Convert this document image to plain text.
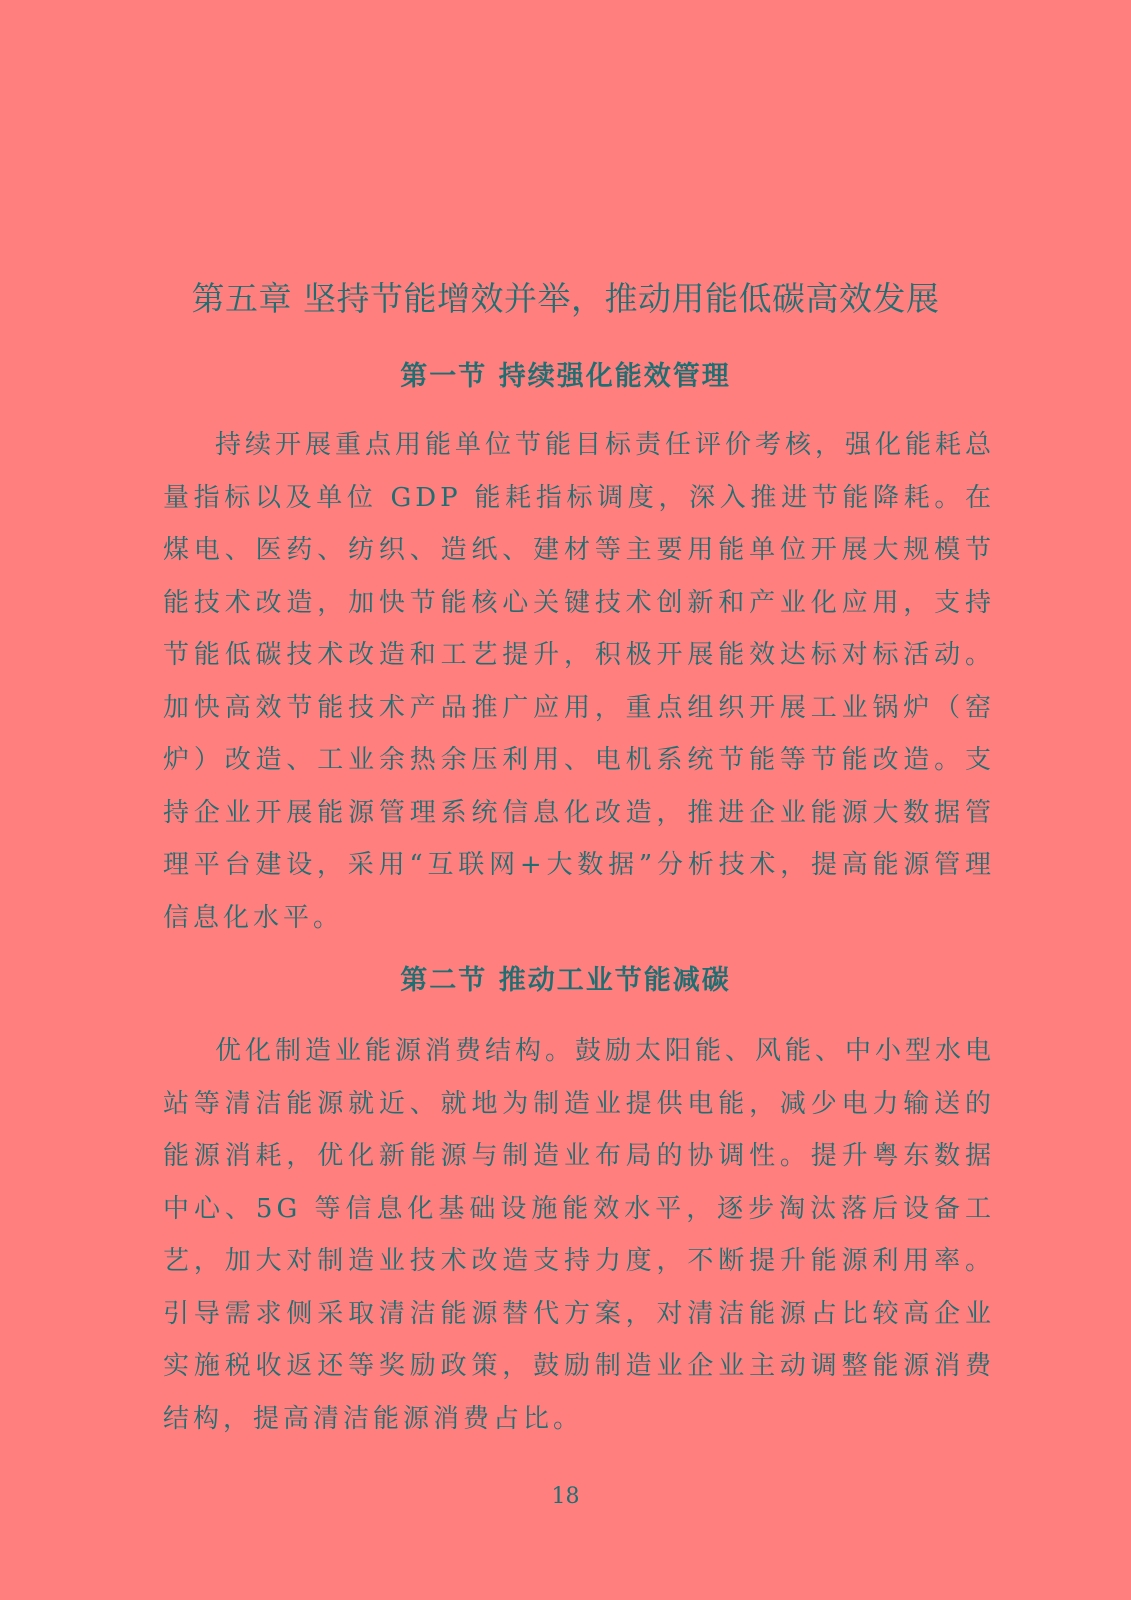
第五章 坚持节能增效并举，推动用能低碳高效发展
第一节 持续强化能效管理

持续开展重点用能单位节能目标责任评价考核，强化能耗总量指标以及单位 GDP 能耗指标调度，深入推进节能降耗。在煤电、医药、纺织、造纸、建材等主要用能单位开展大规模节能技术改造，加快节能核心关键技术创新和产业化应用，支持节能低碳技术改造和工艺提升，积极开展能效达标对标活动。加快高效节能技术产品推广应用，重点组织开展工业锅炉（窑炉）改造、工业余热余压利用、电机系统节能等节能改造。支持企业开展能源管理系统信息化改造，推进企业能源大数据管理平台建设，采用“互联网+大数据”分析技术，提高能源管理信息化水平。

第二节 推动工业节能减碳

优化制造业能源消费结构。鼓励太阳能、风能、中小型水电站等清洁能源就近、就地为制造业提供电能，减少电力输送的能源消耗，优化新能源与制造业布局的协调性。提升粤东数据中心、5G 等信息化基础设施能效水平，逐步淘汰落后设备工艺，加大对制造业技术改造支持力度，不断提升能源利用率。引导需求侧采取清洁能源替代方案，对清洁能源占比较高企业实施税收返还等奖励政策，鼓励制造业企业主动调整能源消费结构，提高清洁能源消费占比。

18
